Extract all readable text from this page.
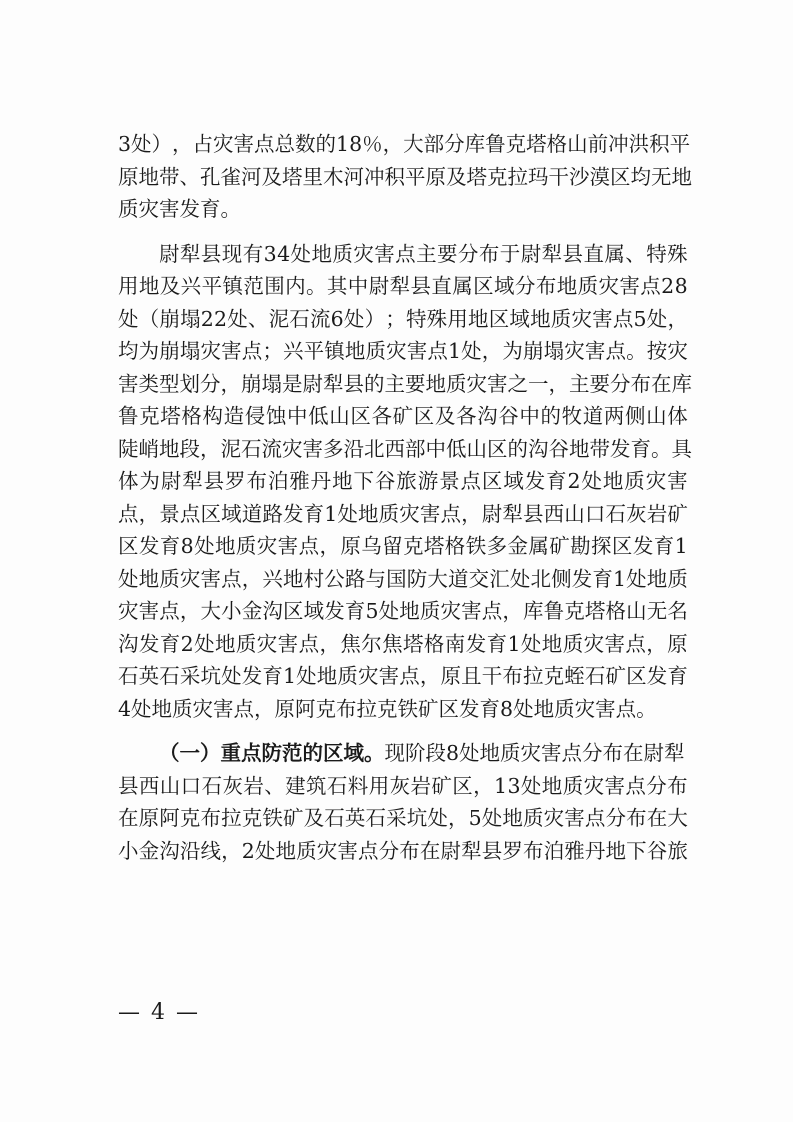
3 处 ） ， 占 灾 害 点 总 数 的 1 8 ％ ， 大 部 分 库 鲁 克 塔 格 山 前 冲 洪 积 平
原 地 带 、 孔 雀 河 及 塔 里 木 河 冲 积 平 原 及 塔 克 拉 玛 干 沙 漠 区 均 无 地
质灾害发育。
尉 犁 县 现 有 3 4 处 地 质 灾 害 点 主 要 分 布 于 尉 犁 县 直 属 、 特 殊
用 地 及 兴 平 镇 范 围 内 。 其 中 尉 犁 县 直 属 区 域 分 布 地 质 灾 害 点 2 8
处 （ 崩 塌 2 2 处 、 泥 石 流 6 处 ） ； 特 殊 用 地 区 域 地 质 灾 害 点 5 处 ，
均 为 崩 塌 灾 害 点 ； 兴 平 镇 地 质 灾 害 点 1 处 ， 为 崩 塌 灾 害 点 。 按 灾
害 类 型 划 分 ， 崩 塌 是 尉 犁 县 的 主 要 地 质 灾 害 之 一 ， 主 要 分 布 在 库
鲁 克 塔 格 构 造 侵 蚀 中 低 山 区 各 矿 区 及 各 沟 谷 中 的 牧 道 两 侧 山 体
陡 峭 地 段 ， 泥 石 流 灾 害 多 沿 北 西 部 中 低 山 区 的 沟 谷 地 带 发 育 。 具
体 为 尉 犁 县 罗 布 泊 雅 丹 地 下 谷 旅 游 景 点 区 域 发 育 2 处 地 质 灾 害
点 ， 景 点 区 域 道 路 发 育 1 处 地 质 灾 害 点 ， 尉 犁 县 西 山 口 石 灰 岩 矿
区 发 育 8 处 地 质 灾 害 点 ， 原 乌 留 克 塔 格 铁 多 金 属 矿 勘 探 区 发 育 1
处 地 质 灾 害 点 ， 兴 地 村 公 路 与 国 防 大 道 交 汇 处 北 侧 发 育 1 处 地 质
灾 害 点 ， 大 小 金 沟 区 域 发 育 5 处 地 质 灾 害 点 ， 库 鲁 克 塔 格 山 无 名
沟 发 育 2 处 地 质 灾 害 点 ， 焦 尔 焦 塔 格 南 发 育 1 处 地 质 灾 害 点 ， 原
石 英 石 采 坑 处 发 育 1 处 地 质 灾 害 点 ， 原 且 干 布 拉 克 蛭 石 矿 区 发 育
4处地质灾害点，原阿克布拉克铁矿区发育8处地质灾害点。
（一）重点防范的区域。 现阶段8处地质灾害点分布在尉犁
县 西 山 口 石 灰 岩 、 建 筑 石 料 用 灰 岩 矿 区 ， 1 3 处 地 质 灾 害 点 分 布
在 原 阿 克 布 拉 克 铁 矿 及 石 英 石 采 坑 处 ， 5 处 地 质 灾 害 点 分 布 在 大
小 金 沟 沿 线 ， 2 处 地 质 灾 害 点 分 布 在 尉 犁 县 罗 布 泊 雅 丹 地 下 谷 旅
— 4 —
